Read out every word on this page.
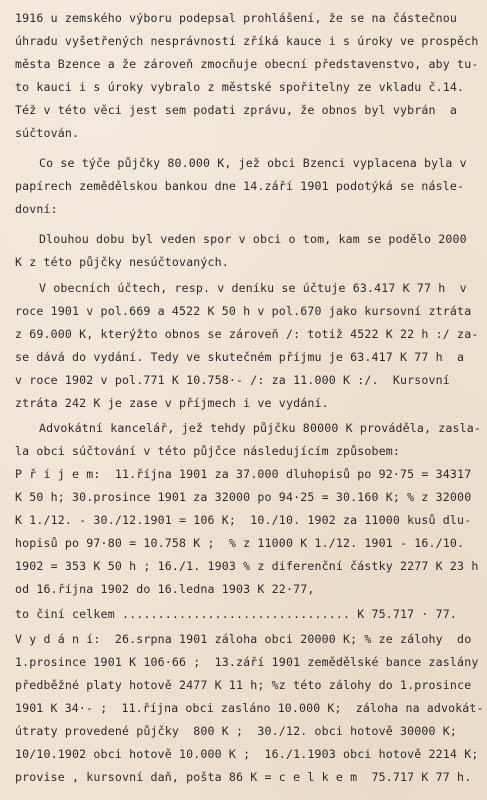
1916 u zemského výboru podepsal prohlášení, že se na částečnou
úhradu vyšetřených nesprávností zříká kauce i s úroky ve prospěch
města Bzence a že zároveň zmocňuje obecní představenstvo, aby tu-
to kauci i s úroky vybralo z městské spořitelny ze vkladu č.14.
Též v této věci jest sem podati zprávu, že obnos byl vybrán  a
súčtován.
Co se týče půjčky 80.000 K, jež obci Bzenci vyplacena byla v
papírech zemědělskou bankou dne 14.září 1901 podotýká se násle-
dovní:
Dlouhou dobu byl veden spor v obci o tom, kam se podělo 2000
K z této půjčky nesúčtovaných.
V obecních účtech, resp. v deníku se účtuje 63.417 K 77 h  v
roce 1901 v pol.669 a 4522 K 50 h v pol.670 jako kursovní ztráta
z 69.000 K, kterýžto obnos se zároveň /: totiž 4522 K 22 h :/ za-
se dává do vydání. Tedy ve skutečném příjmu je 63.417 K 77 h  a
v roce 1902 v pol.771 K 10.758·- /: za 11.000 K :/.  Kursovní
ztráta 242 K je zase v příjmech i ve vydání.
Advokátní kancelář, jež tehdy půjčku 80000 K prováděla, zasla-
la obci súčtování v této půjčce následujícím způsobem:
P ř í j e m:  11.října 1901 za 37.000 dluhopisů po 92·75 = 34317
K 50 h; 30.prosince 1901 za 32000 po 94·25 = 30.160 K; % z 32000
K 1./12. - 30./12.1901 = 106 K;  10./10. 1902 za 11000 kusů dlu-
hopisů po 97·80 = 10.758 K ;  % z 11000 K 1./12. 1901 - 16./10.
1902 = 353 K 50 h ; 16./1. 1903 % z diferenční částky 2277 K 23 h
od 16.října 1902 do 16.ledna 1903 K 22·77,
to činí celkem ................................ K 75.717 · 77.
V y d á n í:  26.srpna 1901 záloha obci 20000 K; % ze zálohy  do
1.prosince 1901 K 106·66 ;  13.září 1901 zemědělské bance zaslány
předběžné platy hotově 2477 K 11 h; %z této zálohy do 1.prosince
1901 K 34·- ;  11.října obci zasláno 10.000 K;  záloha na advokát-
útraty provedené půjčky  800 K ;  30./12. obci hotově 30000 K;
10/10.1902 obci hotově 10.000 K ;  16./1.1903 obci hotově 2214 K;
provise , kursovní daň, pošta 86 K = c e l k e m  75.717 K 77 h.
